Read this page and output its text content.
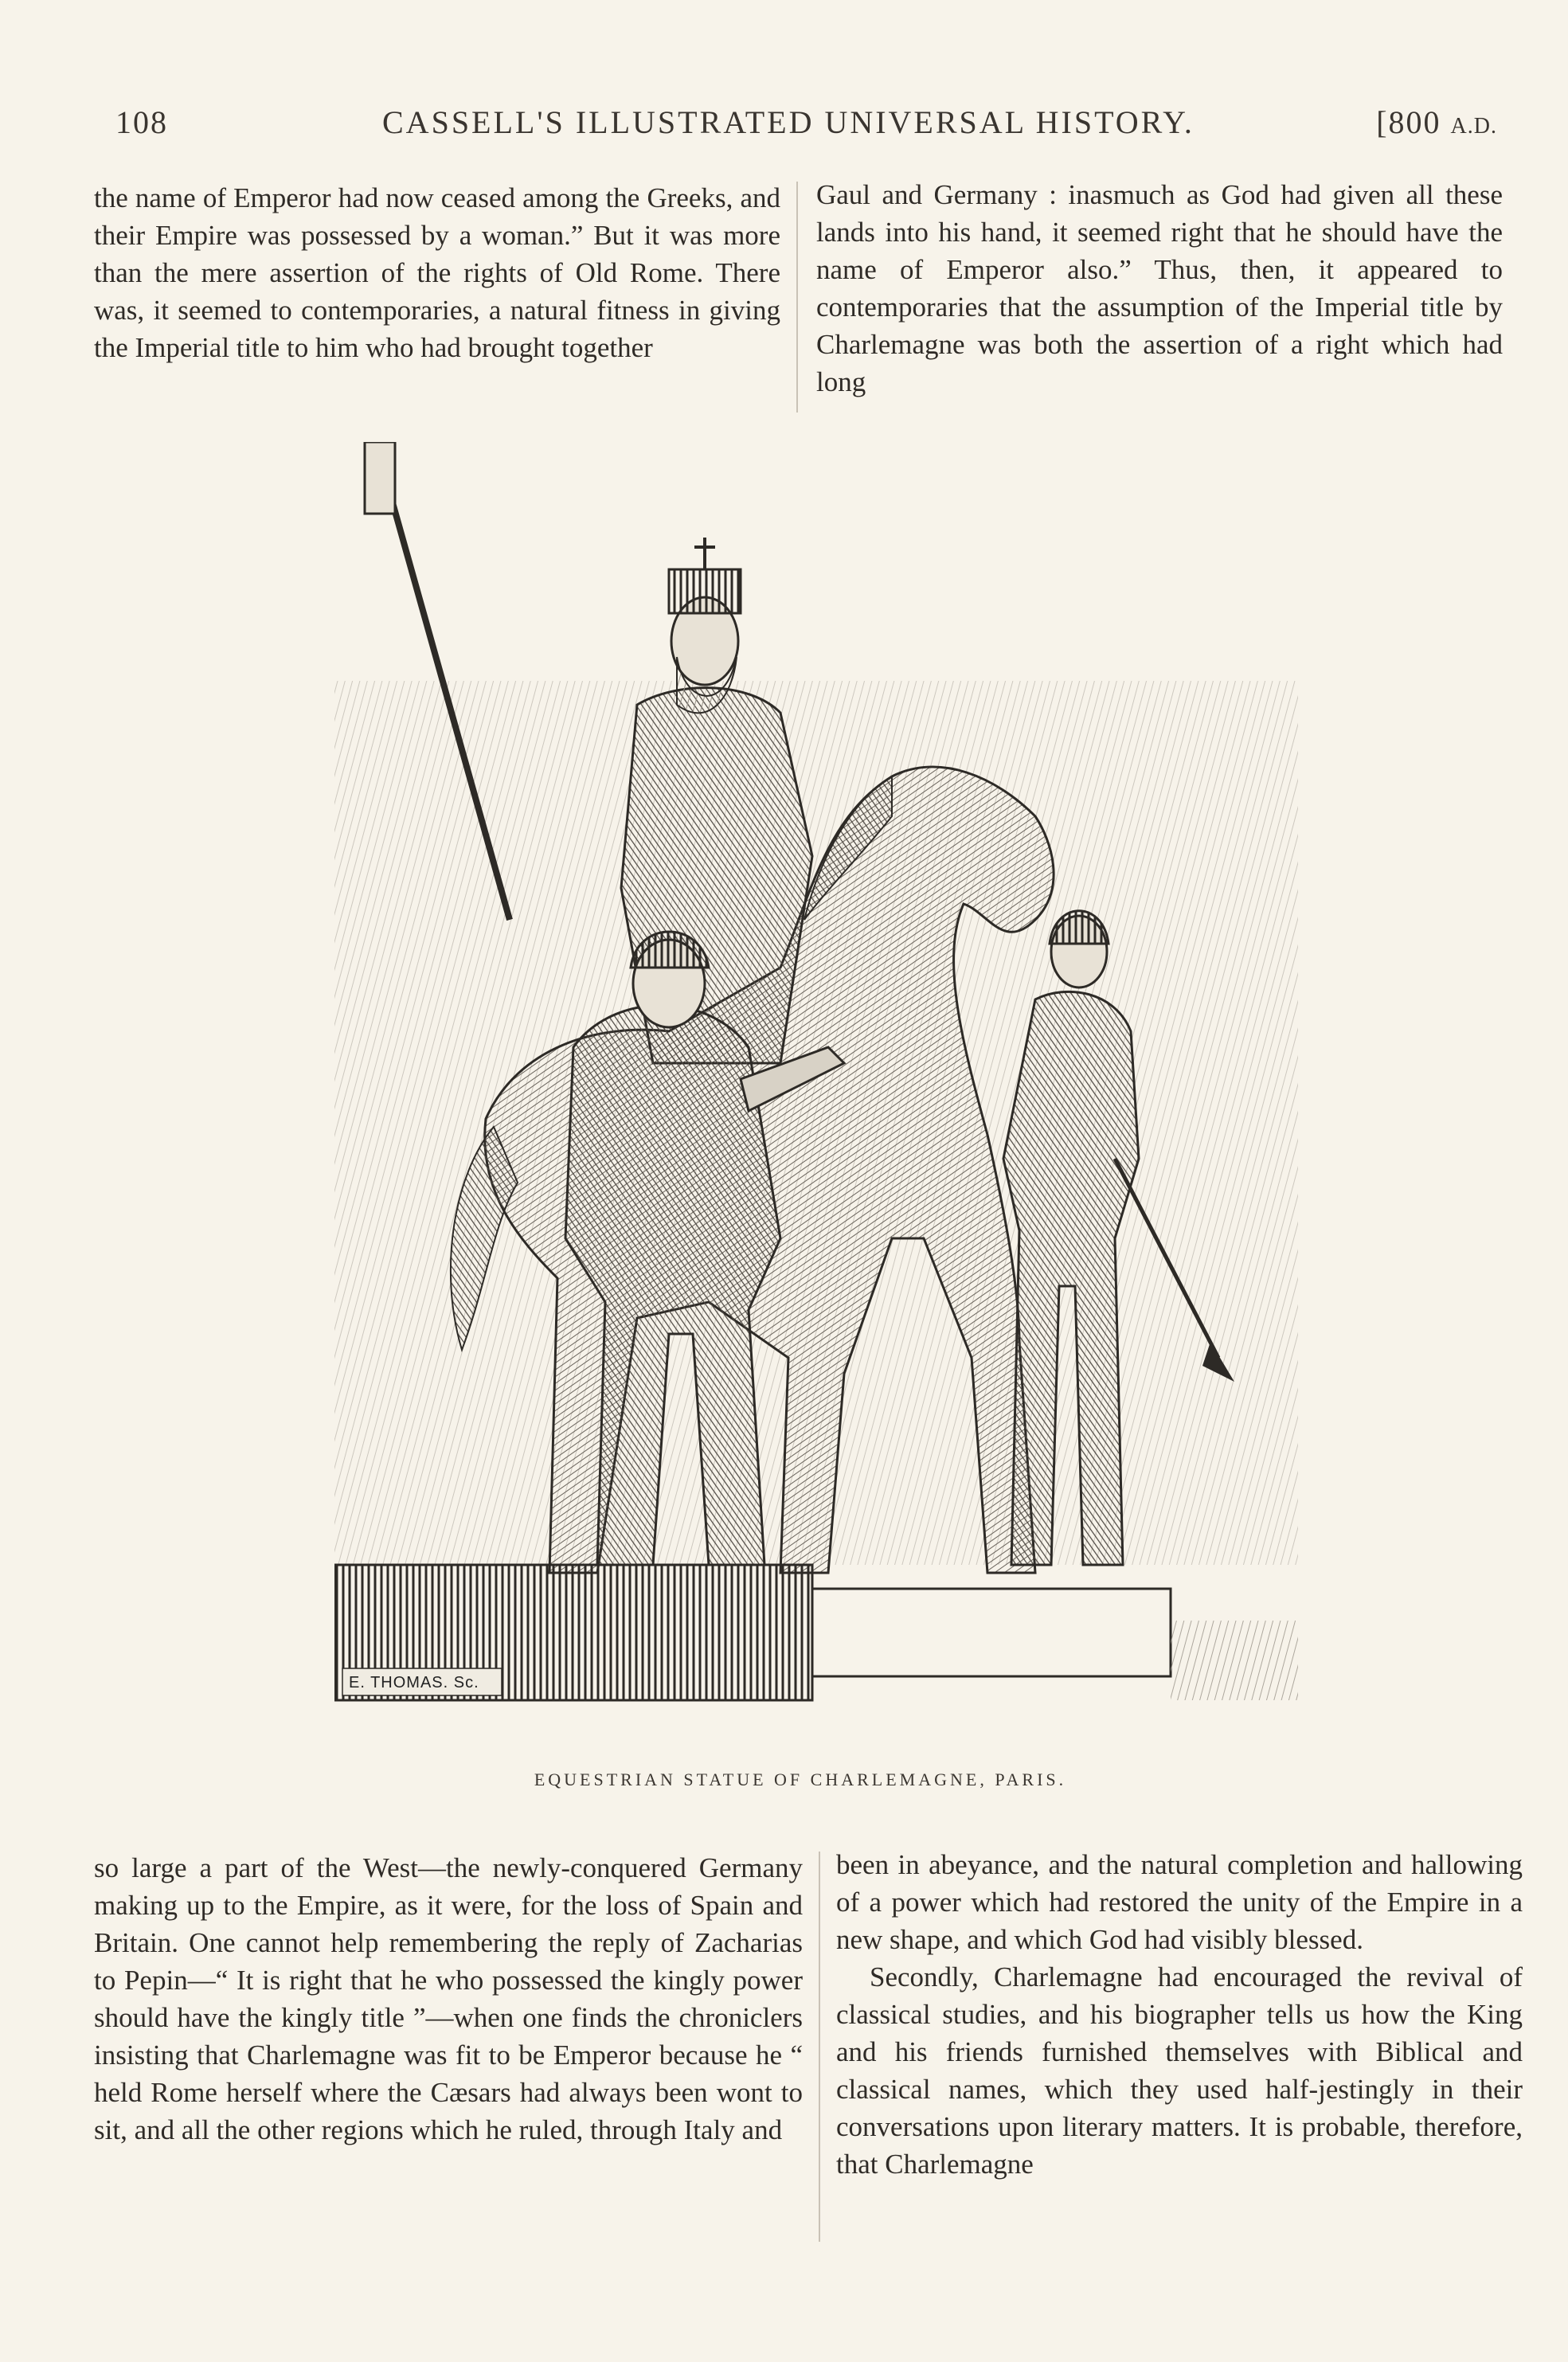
108	CASSELL'S ILLUSTRATED UNIVERSAL HISTORY.	[800 A.D.

the name of Emperor had now ceased among the Greeks, and their Empire was possessed by a woman.” But it was more than the mere assertion of the rights of Old Rome. There was, it seemed to contemporaries, a natural fitness in giving the Imperial title to him who had brought together

Gaul and Germany : inasmuch as God had given all these lands into his hand, it seemed right that he should have the name of Emperor also.” Thus, then, it appeared to contemporaries that the assumption of the Imperial title by Charlemagne was both the assertion of a right which had long

E. THOMAS. Sc.
EQUESTRIAN STATUE OF CHARLEMAGNE, PARIS.

so large a part of the West—the newly-conquered Germany making up to the Empire, as it were, for the loss of Spain and Britain. One cannot help remembering the reply of Zacharias to Pepin—“ It is right that he who possessed the kingly power should have the kingly title ”—when one finds the chroniclers insisting that Charlemagne was fit to be Emperor because he “ held Rome herself where the Cæsars had always been wont to sit, and all the other regions which he ruled, through Italy and

been in abeyance, and the natural completion and hallowing of a power which had restored the unity of the Empire in a new shape, and which God had visibly blessed.

Secondly, Charlemagne had encouraged the revival of classical studies, and his biographer tells us how the King and his friends furnished themselves with Biblical and classical names, which they used half-jestingly in their conversations upon literary matters. It is probable, therefore, that Charlemagne
